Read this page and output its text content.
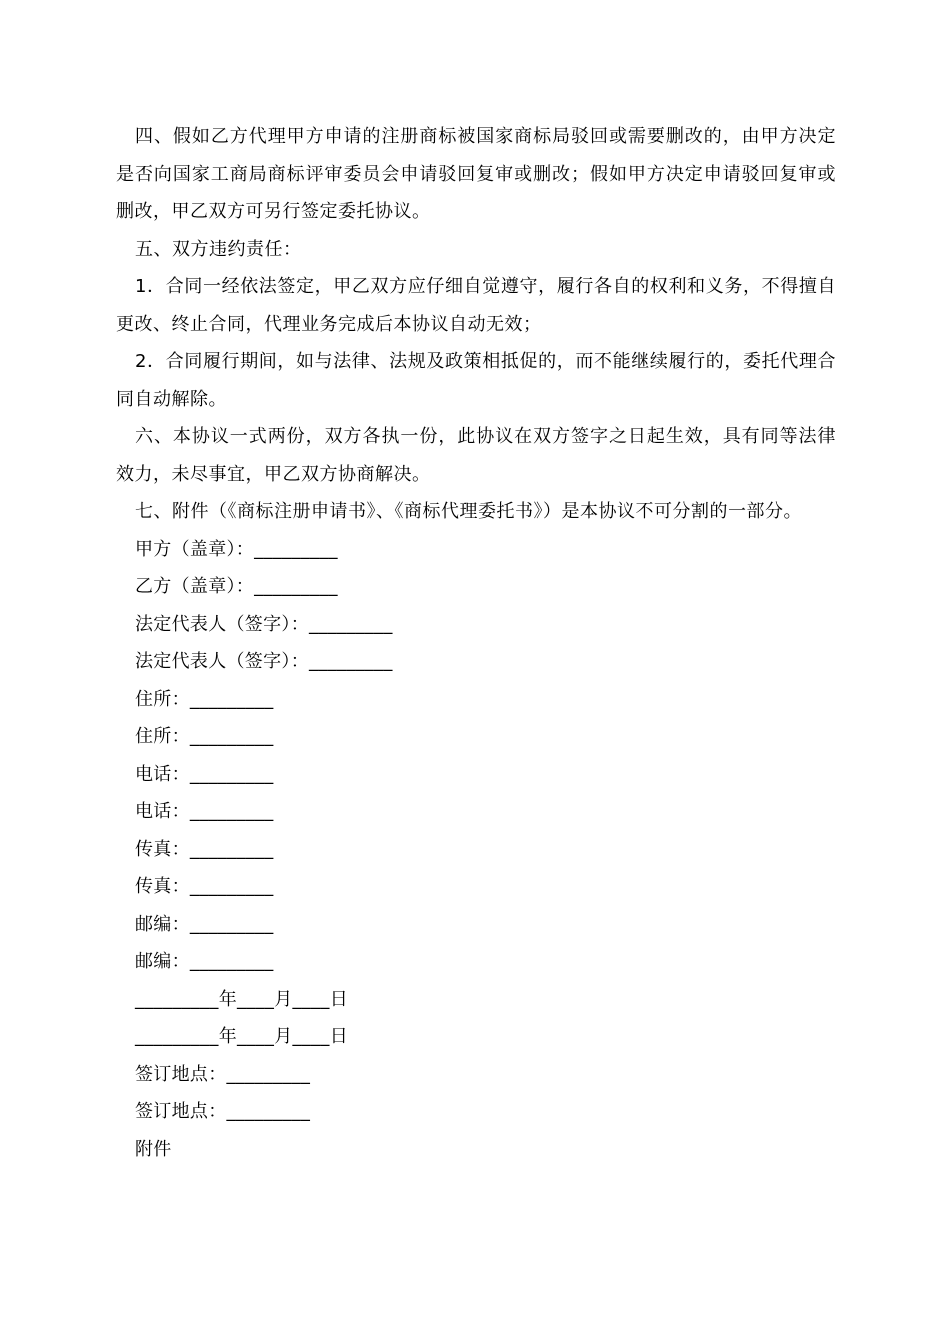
四、假如乙方代理甲方申请的注册商标被国家商标局驳回或需要删改的，由甲方决定是否向国家工商局商标评审委员会申请驳回复审或删改；假如甲方决定申请驳回复审或删改，甲乙双方可另行签定委托协议。

五、双方违约责任：

1．合同一经依法签定，甲乙双方应仔细自觉遵守，履行各自的权利和义务，不得擅自更改、终止合同，代理业务完成后本协议自动无效；

2．合同履行期间，如与法律、法规及政策相抵促的，而不能继续履行的，委托代理合同自动解除。

六、本协议一式两份，双方各执一份，此协议在双方签字之日起生效，具有同等法律效力，未尽事宜，甲乙双方协商解决。

七、附件（《商标注册申请书》、《商标代理委托书》）是本协议不可分割的一部分。

甲方（盖章）：_________

乙方（盖章）：_________

法定代表人（签字）：_________

法定代表人（签字）：_________

住所：_________

住所：_________

电话：_________

电话：_________

传真：_________

传真：_________

邮编：_________

邮编：_________

_________年____月____日

_________年____月____日

签订地点：_________

签订地点：_________

附件
